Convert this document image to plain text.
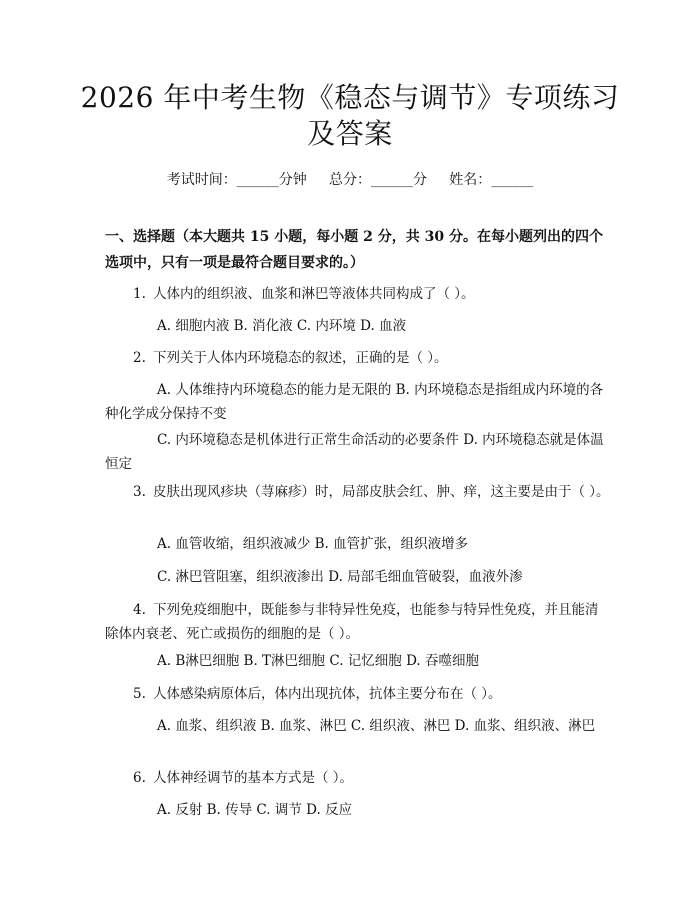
2026 年中考生物《稳态与调节》专项练习及答案
考试时间：______分钟     总分：______分     姓名：______
一、选择题（本大题共 15 小题，每小题 2 分，共 30 分。在每小题列出的四个选项中，只有一项是最符合题目要求的。）
1. 人体内的组织液、血浆和淋巴等液体共同构成了（ ）。
A. 细胞内液 B. 消化液 C. 内环境 D. 血液
2. 下列关于人体内环境稳态的叙述，正确的是（ ）。
A. 人体维持内环境稳态的能力是无限的 B. 内环境稳态是指组成内环境的各种化学成分保持不变
C. 内环境稳态是机体进行正常生命活动的必要条件 D. 内环境稳态就是体温恒定
3. 皮肤出现风疹块（荨麻疹）时，局部皮肤会红、肿、痒，这主要是由于（ ）。
A. 血管收缩，组织液减少 B. 血管扩张，组织液增多
C. 淋巴管阻塞，组织液渗出 D. 局部毛细血管破裂，血液外渗
4. 下列免疫细胞中，既能参与非特异性免疫，也能参与特异性免疫，并且能清除体内衰老、死亡或损伤的细胞的是（ ）。
A. B淋巴细胞 B. T淋巴细胞 C. 记忆细胞 D. 吞噬细胞
5. 人体感染病原体后，体内出现抗体，抗体主要分布在（ ）。
A. 血浆、组织液 B. 血浆、淋巴 C. 组织液、淋巴 D. 血浆、组织液、淋巴
6. 人体神经调节的基本方式是（ ）。
A. 反射 B. 传导 C. 调节 D. 反应
